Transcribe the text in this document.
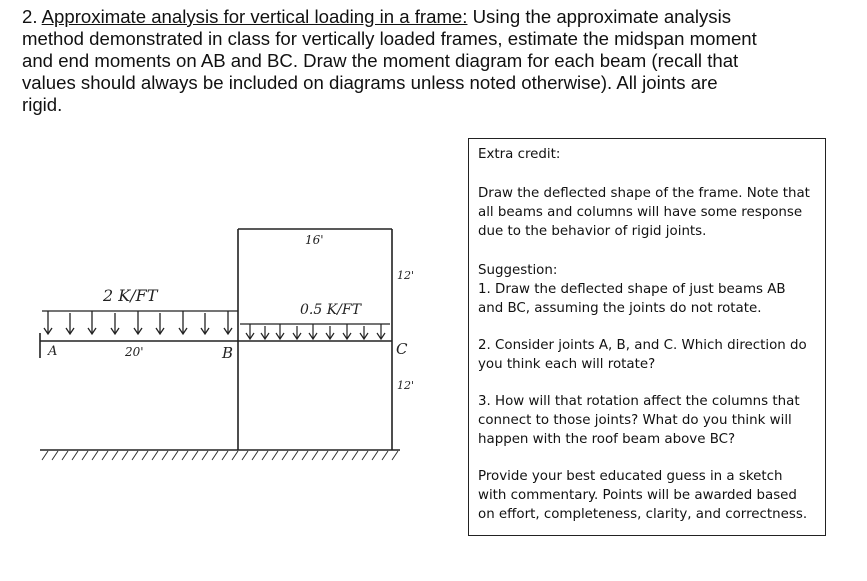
2. Approximate analysis for vertical loading in a frame: Using the approximate analysis method demonstrated in class for vertically loaded frames, estimate the midspan moment and end moments on AB and BC. Draw the moment diagram for each beam (recall that values should always be included on diagrams unless noted otherwise). All joints are rigid.

Extra credit:

Draw the deflected shape of the frame. Note that all beams and columns will have some response due to the behavior of rigid joints.

Suggestion:

1. Draw the deflected shape of just beams AB and BC, assuming the joints do not rotate.

2. Consider joints A, B, and C. Which direction do you think each will rotate?

3. How will that rotation affect the columns that connect to those joints? What do you think will happen with the roof beam above BC?

Provide your best educated guess in a sketch with commentary. Points will be awarded based on effort, completeness, clarity, and correctness.

2 K/FT
0.5 K/FT
16'
20'
12'
12'
A	B	C
